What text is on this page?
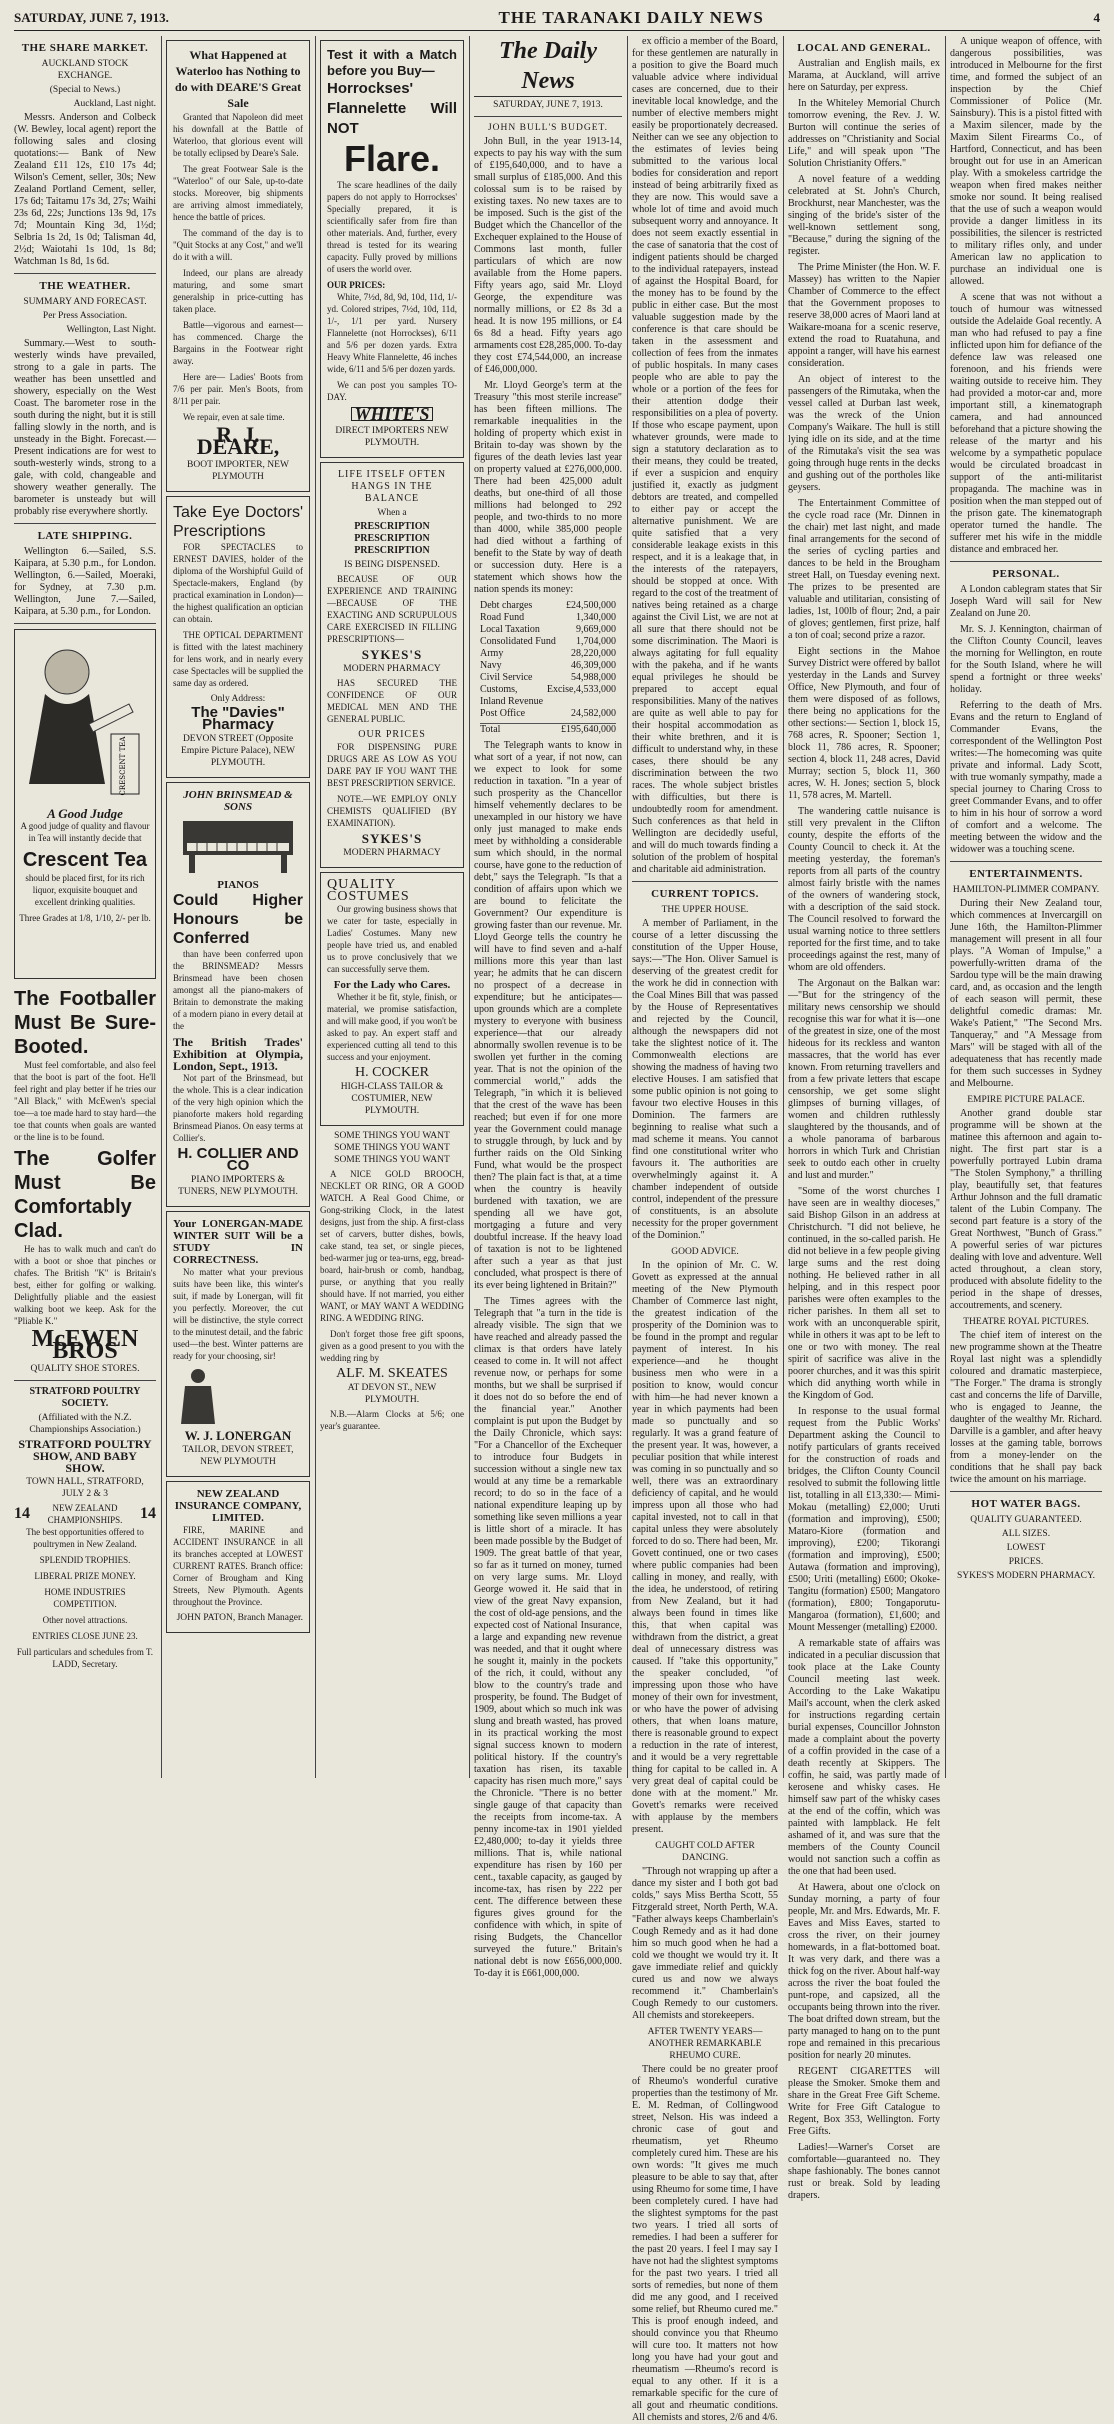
SATURDAY, JUNE 7, 1913.	THE TARANAKI DAILY NEWS	4
THE SHARE MARKET.
AUCKLAND STOCK EXCHANGE.
(Special to News.)
Auckland, Last night.

Messrs. Anderson and Colbeck (W. Bewley, local agent) report the following sales and closing quotations:— Bank of New Zealand £11 12s, £10 17s 4d; Wilson's Cement, seller, 30s; New Zealand Portland Cement, seller, 17s 6d; Taitamu 17s 3d, 27s; Waihi 23s 6d, 22s; Junctions 13s 9d, 17s 7d; Mountain King 3d, 1½d; Selbria 1s 2d, 1s 0d; Talisman 4d, 2½d; Waiotahi 1s 10d, 1s 8d; Watchman 1s 8d, 1s 6d.

THE WEATHER.
SUMMARY AND FORECAST.
Per Press Association.
Wellington, Last Night.

Summary.—West to south-westerly winds have prevailed, strong to a gale in parts. The weather has been unsettled and showery, especially on the West Coast. The barometer rose in the south during the night, but it is still falling slowly in the north, and is unsteady in the Bight. Forecast.—Present indications are for west to south-westerly winds, strong to a gale, with cold, changeable and showery weather generally. The barometer is unsteady but will probably rise everywhere shortly.

LATE SHIPPING.

Wellington 6.—Sailed, S.S. Kaipara, at 5.30 p.m., for London. Wellington, 6.—Sailed, Moeraki, for Sydney, at 7.30 p.m. Wellington, June 7.—Sailed, Kaipara, at 5.30 p.m., for London.

CRESCENT TEA
A Good Judge

A good judge of quality and flavour in Tea will instantly decide that

Crescent Tea

should be placed first, for its rich liquor, exquisite bouquet and excellent drinking qualities.

Three Grades at 1/8, 1/10, 2/- per lb.

The Footballer Must Be Sure-Booted.

Must feel comfortable, and also feel that the boot is part of the foot. He'll feel right and play better if he tries our "All Black," with McEwen's special toe—a toe made hard to stay hard—the toe that counts when goals are wanted or the line is to be found.

The Golfer Must Be Comfortably Clad.

He has to walk much and can't do with a boot or shoe that pinches or chafes. The British "K" is Britain's best, either for golfing or walking. Delightfully pliable and the easiest walking boot we keep. Ask for the "Pliable K."

McEWEN BROS
QUALITY SHOE STORES.
STRATFORD POULTRY SOCIETY.
(Affiliated with the N.Z. Championships Association.)
STRATFORD POULTRY SHOW, AND BABY SHOW.
TOWN HALL, STRATFORD, JULY 2 & 3
14	NEW ZEALAND CHAMPIONSHIPS.	14

The best opportunities offered to poultrymen in New Zealand.

SPLENDID TROPHIES.

LIBERAL PRIZE MONEY.

HOME INDUSTRIES COMPETITION.

Other novel attractions.

ENTRIES CLOSE JUNE 23.

Full particulars and schedules from T. LADD, Secretary.

What Happened at Waterloo has Nothing to do with DEARE'S Great Sale

Granted that Napoleon did meet his downfall at the Battle of Waterloo, that glorious event will be totally eclipsed by Deare's Sale.

The great Footwear Sale is the "Waterloo" of our Sale, up-to-date stocks. Moreover, big shipments are arriving almost immediately, hence the battle of prices.

The command of the day is to "Quit Stocks at any Cost," and we'll do it with a will.

Indeed, our plans are already maturing, and some smart generalship in price-cutting has taken place.

Battle—vigorous and earnest—has commenced. Charge the Bargains in the Footwear right away.

Here are— Ladies' Boots from 7/6 per pair. Men's Boots, from 8/11 per pair.

We repair, even at sale time.

R. J. DEARE,
BOOT IMPORTER, NEW PLYMOUTH
Take Eye Doctors' Prescriptions

FOR SPECTACLES to ERNEST DAVIES, holder of the diploma of the Worshipful Guild of Spectacle-makers, England (by practical examination in London)—the highest qualification an optician can obtain.

THE OPTICAL DEPARTMENT is fitted with the latest machinery for lens work, and in nearly every case Spectacles will be supplied the same day as ordered.

Only Address:
The "Davies" Pharmacy
DEVON STREET (Opposite Empire Picture Palace), NEW PLYMOUTH.
JOHN BRINSMEAD & SONS
PIANOS
Could Higher Honours be Conferred

than have been conferred upon the BRINSMEAD? Messrs Brinsmead have been chosen amongst all the piano-makers of Britain to demonstrate the making of a modern piano in every detail at the

The British Trades' Exhibition at Olympia, London, Sept., 1913.

Not part of the Brinsmead, but the whole. This is a clear indication of the very high opinion which the pianoforte makers hold regarding Brinsmead Pianos. On easy terms at Collier's.

H. COLLIER AND CO
PIANO IMPORTERS & TUNERS, NEW PLYMOUTH.
Your LONERGAN-MADE WINTER SUIT Will be a STUDY IN CORRECTNESS.

No matter what your previous suits have been like, this winter's suit, if made by Lonergan, will fit you perfectly. Moreover, the cut will be distinctive, the style correct to the minutest detail, and the fabric used—the best. Winter patterns are ready for your choosing, sir!

W. J. LONERGAN
TAILOR, DEVON STREET, NEW PLYMOUTH
NEW ZEALAND INSURANCE COMPANY, LIMITED.

FIRE, MARINE and ACCIDENT INSURANCE in all its branches accepted at LOWEST CURRENT RATES. Branch office: Corner of Brougham and King Streets, New Plymouth. Agents throughout the Province.

JOHN PATON, Branch Manager.
Test it with a Match before you Buy—
Horrockses' Flannelette Will NOT
Flare.

The scare headlines of the daily papers do not apply to Horrockses' Specially prepared, it is scientifically safer from fire than other materials. And, further, every thread is tested for its wearing capacity. Fully proved by millions of users the world over.

OUR PRICES:

White, 7½d, 8d, 9d, 10d, 11d, 1/- yd. Colored stripes, 7½d, 10d, 11d, 1/-, 1/1 per yard. Nursery Flannelette (not Horrockses), 6/11 and 5/6 per dozen yards. Extra Heavy White Flannelette, 46 inches wide, 6/11 and 5/6 per dozen yards.

We can post you samples TO-DAY.

WHITE'S
DIRECT IMPORTERS NEW PLYMOUTH.
LIFE ITSELF OFTEN HANGS IN THE BALANCE
When a
PRESCRIPTION
PRESCRIPTION
PRESCRIPTION
IS BEING DISPENSED.

BECAUSE OF OUR EXPERIENCE AND TRAINING—BECAUSE OF THE EXACTING AND SCRUPULOUS CARE EXERCISED IN FILLING PRESCRIPTIONS—

SYKES'S
MODERN PHARMACY

HAS SECURED THE CONFIDENCE OF OUR MEDICAL MEN AND THE GENERAL PUBLIC.

OUR PRICES

FOR DISPENSING PURE DRUGS ARE AS LOW AS YOU DARE PAY IF YOU WANT THE BEST PRESCRIPTION SERVICE.

NOTE.—WE EMPLOY ONLY CHEMISTS QUALIFIED (BY EXAMINATION).

SYKES'S
MODERN PHARMACY
QUALITY COSTUMES

Our growing business shows that we cater for taste, especially in Ladies' Costumes. Many new people have tried us, and enabled us to prove conclusively that we can successfully serve them.

For the Lady who Cares.

Whether it be fit, style, finish, or material, we promise satisfaction, and will make good, if you won't be asked to pay. An expert staff and experienced cutting all tend to this success and your enjoyment.

H. COCKER
HIGH-CLASS TAILOR & COSTUMIER, NEW PLYMOUTH.
SOME THINGS YOU WANT SOME THINGS YOU WANT SOME THINGS YOU WANT

A NICE GOLD BROOCH, NECKLET OR RING, OR A GOOD WATCH. A Real Good Chime, or Gong-striking Clock, in the latest designs, just from the ship. A first-class set of carvers, butter dishes, bowls, cake stand, tea set, or single pieces, bed-warmer jug or tea-urns, egg, bread-board, hair-brush or comb, handbag, purse, or anything that you really should have. If not married, you either WANT, or MAY WANT A WEDDING RING. A WEDDING RING.

Don't forget those free gift spoons, given as a good present to you with the wedding ring by

ALF. M. SKEATES
AT DEVON ST., NEW PLYMOUTH.

N.B.—Alarm Clocks at 5/6; one year's guarantee.

The Daily News
SATURDAY, JUNE 7, 1913.
JOHN BULL'S BUDGET.

John Bull, in the year 1913-14, expects to pay his way with the sum of £195,640,000, and to have a small surplus of £185,000. And this colossal sum is to be raised by existing taxes. No new taxes are to be imposed. Such is the gist of the Budget which the Chancellor of the Exchequer explained to the House of Commons last month, fuller particulars of which are now available from the Home papers. Fifty years ago, said Mr. Lloyd George, the expenditure was normally millions, or £2 8s 3d a head. It is now 195 millions, or £4 6s 8d a head. Fifty years ago armaments cost £28,285,000. To-day they cost £74,544,000, an increase of £46,000,000.

Mr. Lloyd George's term at the Treasury "this most sterile increase" has been fifteen millions. The remarkable inequalities in the holding of property which exist in Britain to-day was shown by the figures of the death levies last year on property valued at £276,000,000. There had been 425,000 adult deaths, but one-third of all those millions had belonged to 292 people, and two-thirds to no more than 4000, while 385,000 people had died without a farthing of benefit to the State by way of death or succession duty. Here is a statement which shows how the nation spends its money:

Debt charges	£24,500,000
Road Fund	1,340,000
Local Taxation	9,669,000
Consolidated Fund 1,704,000
Army	28,220,000
Navy	46,309,000
Civil Service	54,988,000
Customs, Excise, Inland Revenue
4,533,000
Post Office	24,582,000
Total	£195,640,000

The Telegraph wants to know in what sort of a year, if not now, can we expect to look for some reduction in taxation. "In a year of such prosperity as the Chancellor himself vehemently declares to be unexampled in our history we have only just managed to make ends meet by withholding a considerable sum which should, in the normal course, have gone to the reduction of debt," says the Telegraph. "Is that a condition of affairs upon which we are bound to felicitate the Government? Our expenditure is growing faster than our revenue. Mr. Lloyd George tells the country he will have to find seven and a-half millions more this year than last year; he admits that he can discern no prospect of a decrease in expenditure; but he anticipates—upon grounds which are a complete mystery to everyone with business experience—that our already abnormally swollen revenue is to be swollen yet further in the coming year. That is not the opinion of the commercial world," adds the Telegraph, "in which it is believed that the crest of the wave has been reached; but even if for one more year the Government could manage to struggle through, by luck and by further raids on the Old Sinking Fund, what would be the prospect then? The plain fact is that, at a time when the country is heavily burdened with taxation, we are spending all we have got, mortgaging a future and very doubtful increase. If the heavy load of taxation is not to be lightened after such a year as that just concluded, what prospect is there of its ever being lightened in Britain?"

The Times agrees with the Telegraph that "a turn in the tide is already visible. The sign that we have reached and already passed the climax is that orders have lately ceased to come in. It will not affect revenue now, or perhaps for some months, but we shall be surprised if it does not do so before the end of the financial year." Another complaint is put upon the Budget by the Daily Chronicle, which says: "For a Chancellor of the Exchequer to introduce four Budgets in succession without a single new tax would at any time be a remarkable record; to do so in the face of a national expenditure leaping up by something like seven millions a year is little short of a miracle. It has been made possible by the Budget of 1909. The great battle of that year, so far as it turned on money, turned on very large sums. Mr. Lloyd George wowed it. He said that in view of the great Navy expansion, the cost of old-age pensions, and the expected cost of National Insurance, a large and expanding new revenue was needed, and that it ought where he sought it, mainly in the pockets of the rich, it could, without any blow to the country's trade and prosperity, be found. The Budget of 1909, about which so much ink was slung and breath wasted, has proved in its practical working the most signal success known to modern political history. If the country's taxation has risen, its taxable capacity has risen much more," says the Chronicle. "There is no better single gauge of that capacity than the receipts from income-tax. A penny income-tax in 1901 yielded £2,480,000; to-day it yields three millions. That is, while national expenditure has risen by 160 per cent., taxable capacity, as gauged by income-tax, has risen by 222 per cent. The difference between these figures gives ground for the confidence with which, in spite of rising Budgets, the Chancellor surveyed the future." Britain's national debt is now £656,000,000. To-day it is £661,000,000.

ex officio a member of the Board, for these gentlemen are naturally in a position to give the Board much valuable advice where individual cases are concerned, due to their inevitable local knowledge, and the number of elective members might easily be proportionately decreased. Neither can we see any objection to the estimates of levies being submitted to the various local bodies for consideration and report instead of being arbitrarily fixed as they are now. This would save a whole lot of time and avoid much subsequent worry and annoyance. It does not seem exactly essential in the case of sanatoria that the cost of indigent patients should be charged to the individual ratepayers, instead of against the Hospital Board, for the money has to be found by the public in either case. But the most valuable suggestion made by the conference is that care should be taken in the assessment and collection of fees from the inmates of public hospitals. In many cases people who are able to pay the whole or a portion of the fees for their attention dodge their responsibilities on a plea of poverty. If those who escape payment, upon whatever grounds, were made to sign a statutory declaration as to their means, they could be treated, if ever a suspicion and enquiry justified it, exactly as judgment debtors are treated, and compelled to either pay or accept the alternative punishment. We are quite satisfied that a very considerable leakage exists in this respect, and it is a leakage that, in the interests of the ratepayers, should be stopped at once. With regard to the cost of the treatment of natives being retained as a charge against the Civil List, we are not at all sure that there should not be some discrimination. The Maori is always agitating for full equality with the pakeha, and if he wants equal privileges he should be prepared to accept equal responsibilities. Many of the natives are quite as well able to pay for their hospital accommodation as their white brethren, and it is difficult to understand why, in these cases, there should be any discrimination between the two races. The whole subject bristles with difficulties, but there is undoubtedly room for amendment. Such conferences as that held in Wellington are decidedly useful, and will do much towards finding a solution of the problem of hospital and charitable aid administration.

CURRENT TOPICS.
THE UPPER HOUSE.

A member of Parliament, in the course of a letter discussing the constitution of the Upper House, says:—"The Hon. Oliver Samuel is deserving of the greatest credit for the work he did in connection with the Coal Mines Bill that was passed by the House of Representatives and rejected by the Council, although the newspapers did not take the slightest notice of it. The Commonwealth elections are showing the madness of having two elective Houses. I am satisfied that some public opinion is not going to favour two elective Houses in this Dominion. The farmers are beginning to realise what such a mad scheme it means. You cannot find one constitutional writer who favours it. The authorities are overwhelmingly against it. A chamber independent of outside control, independent of the pressure of constituents, is an absolute necessity for the proper government of the Dominion."

GOOD ADVICE.

In the opinion of Mr. C. W. Govett as expressed at the annual meeting of the New Plymouth Chamber of Commerce last night, the greatest indication of the prosperity of the Dominion was to be found in the prompt and regular payment of interest. In his experience—and he thought business men who were in a position to know, would concur with him—he had never known a year in which payments had been made so punctually and so regularly. It was a grand feature of the present year. It was, however, a peculiar position that while interest was coming in so punctually and so well, there was an extraordinary deficiency of capital, and he would impress upon all those who had capital invested, not to call in that capital unless they were absolutely forced to do so. There had been, Mr. Govett continued, one or two cases where public companies had been calling in money, and really, with the idea, he understood, of retiring from New Zealand, but it had always been found in times like this, that when capital was withdrawn from the district, a great deal of unnecessary distress was caused. If "take this opportunity," the speaker concluded, "of impressing upon those who have money of their own for investment, or who have the power of advising others, that when loans mature, there is reasonable ground to expect a reduction in the rate of interest, and it would be a very regrettable thing for capital to be called in. A very great deal of capital could be done with at the moment." Mr. Govett's remarks were received with applause by the members present.

CAUGHT COLD AFTER DANCING.

"Through not wrapping up after a dance my sister and I both got bad colds," says Miss Bertha Scott, 55 Fitzgerald street, North Perth, W.A. "Father always keeps Chamberlain's Cough Remedy and as it had done him so much good when he had a cold we thought we would try it. It gave immediate relief and quickly cured us and now we always recommend it." Chamberlain's Cough Remedy to our customers. All chemists and storekeepers.

AFTER TWENTY YEARS—ANOTHER REMARKABLE RHEUMO CURE.

There could be no greater proof of Rheumo's wonderful curative properties than the testimony of Mr. E. M. Redman, of Collingwood street, Nelson. His was indeed a chronic case of gout and rheumatism, yet Rheumo completely cured him. These are his own words: "It gives me much pleasure to be able to say that, after using Rheumo for some time, I have been completely cured. I have had the slightest symptoms for the past two years. I tried all sorts of remedies. I had been a sufferer for the past 20 years. I feel I may say I have not had the slightest symptoms for the past two years. I tried all sorts of remedies, but none of them did me any good, and I received some relief, but Rheumo cured me." This is proof enough indeed, and should convince you that Rheumo will cure too. It matters not how long you have had your gout and rheumatism —Rheumo's record is equal to any other. If it is a remarkable specific for the cure of all gout and rheumatic conditions. All chemists and stores, 2/6 and 4/6.

LOCAL AND GENERAL.

Australian and English mails, ex Marama, at Auckland, will arrive here on Saturday, per express.

In the Whiteley Memorial Church tomorrow evening, the Rev. J. W. Burton will continue the series of addresses on "Christianity and Social Life," and will speak upon "The Solution Christianity Offers."

A novel feature of a wedding celebrated at St. John's Church, Brockhurst, near Manchester, was the singing of the bride's sister of the well-known settlement song, "Because," during the signing of the register.

The Prime Minister (the Hon. W. F. Massey) has written to the Napier Chamber of Commerce to the effect that the Government proposes to reserve 38,000 acres of Maori land at Waikare-moana for a scenic reserve, extend the road to Ruatahuna, and appoint a ranger, will have his earnest consideration.

An object of interest to the passengers of the Rimutaka, when the vessel called at Durban last week, was the wreck of the Union Company's Waikare. The hull is still lying idle on its side, and at the time of the Rimutaka's visit the sea was going through huge rents in the decks and gushing out of the portholes like geysers.

The Entertainment Committee of the cycle road race (Mr. Dinnen in the chair) met last night, and made final arrangements for the second of the series of cycling parties and dances to be held in the Brougham street Hall, on Tuesday evening next. The prizes to be presented are valuable and utilitarian, consisting of ladies, 1st, 100lb of flour; 2nd, a pair of gloves; gentlemen, first prize, half a ton of coal; second prize a razor.

Eight sections in the Mahoe Survey District were offered by ballot yesterday in the Lands and Survey Office, New Plymouth, and four of them were disposed of as follows, there being no applications for the other sections:— Section 1, block 15, 768 acres, R. Spooner; Section 1, block 11, 786 acres, R. Spooner; section 4, block 11, 248 acres, David Murray; section 5, block 11, 360 acres, W. H. Jones; section 5, block 11, 578 acres, M. Martell.

The wandering cattle nuisance is still very prevalent in the Clifton county, despite the efforts of the County Council to check it. At the meeting yesterday, the foreman's reports from all parts of the country almost fairly bristle with the names of the owners of wandering stock, with a description of the said stock. The Council resolved to forward the usual warning notice to three settlers reported for the first time, and to take proceedings against the rest, many of whom are old offenders.

The Argonaut on the Balkan war:—"But for the stringency of the military news censorship we should recognise this war for what it is—one of the greatest in size, one of the most hideous for its reckless and wanton massacres, that the world has ever known. From returning travellers and from a few private letters that escape censorship, we get some slight glimpses of burning villages, of women and children ruthlessly slaughtered by the thousands, and of a whole panorama of barbarous horrors in which Turk and Christian seek to outdo each other in cruelty and lust and murder."

"Some of the worst churches I have seen are in wealthy dioceses," said Bishop Gilson in an address at Christchurch. "I did not believe, he continued, in the so-called parish. He did not believe in a few people giving large sums and the rest doing nothing. He believed rather in all helping, and in this respect poor parishes were often examples to the richer parishes. In them all set to work with an unconquerable spirit, while in others it was apt to be left to one or two with money. The real spirit of sacrifice was alive in the poorer churches, and it was this spirit which did anything worth while in the Kingdom of God.

In response to the usual formal request from the Public Works' Department asking the Council to notify particulars of grants received for the construction of roads and bridges, the Clifton County Council resolved to submit the following little list, totalling in all £13,330:— Mimi-Mokau (metalling) £2,000; Uruti (formation and improving), £500; Mataro-Kiore (formation and improving), £200; Tikorangi (formation and improving), £500; Autawa (formation and improving), £500; Uriti (metalling) £600; Okoke-Tangitu (formation) £500; Mangatoro (formation), £800; Tongaporutu-Mangaroa (formation), £1,600; and Mount Messenger (metalling) £2000.

A remarkable state of affairs was indicated in a peculiar discussion that took place at the Lake County Council meeting last week. According to the Lake Wakatipu Mail's account, when the clerk asked for instructions regarding certain burial expenses, Councillor Johnston made a complaint about the poverty of a coffin provided in the case of a death recently at Skippers. The coffin, he said, was partly made of kerosene and whisky cases. He himself saw part of the whisky cases at the end of the coffin, which was painted with lampblack. He felt ashamed of it, and was sure that the members of the County Council would not sanction such a coffin as the one that had been used.

At Hawera, about one o'clock on Sunday morning, a party of four people, Mr. and Mrs. Edwards, Mr. F. Eaves and Miss Eaves, started to cross the river, on their journey homewards, in a flat-bottomed boat. It was very dark, and there was a thick fog on the river. About half-way across the river the boat fouled the punt-rope, and capsized, all the occupants being thrown into the river. The boat drifted down stream, but the party managed to hang on to the punt rope and remained in this precarious position for nearly 20 minutes.

REGENT CIGARETTES will please the Smoker. Smoke them and share in the Great Free Gift Scheme. Write for Free Gift Catalogue to Regent, Box 353, Wellington. Forty Free Gifts.

Ladies!—Warner's Corset are comfortable—guaranteed no. They shape fashionably. The bones cannot rust or break. Sold by leading drapers.

A unique weapon of offence, with dangerous possibilities, was introduced in Melbourne for the first time, and formed the subject of an inspection by the Chief Commissioner of Police (Mr. Sainsbury). This is a pistol fitted with a Maxim silencer, made by the Maxim Silent Firearms Co., of Hartford, Connecticut, and has been brought out for use in an American play. With a smokeless cartridge the weapon when fired makes neither smoke nor sound. It being realised that the use of such a weapon would provide a danger limitless in its possibilities, the silencer is restricted to military rifles only, and under American law no application to purchase an individual one is allowed.

A scene that was not without a touch of humour was witnessed outside the Adelaide Goal recently. A man who had refused to pay a fine inflicted upon him for defiance of the defence law was released one forenoon, and his friends were waiting outside to receive him. They had provided a motor-car and, more important still, a kinematograph camera, and had announced beforehand that a picture showing the release of the martyr and his welcome by a sympathetic populace would be circulated broadcast in support of the anti-militarist propaganda. The machine was in position when the man stepped out of the prison gate. The kinematograph operator turned the handle. The sufferer met his wife in the middle distance and embraced her.

PERSONAL.

A London cablegram states that Sir Joseph Ward will sail for New Zealand on June 20.

Mr. S. J. Kennington, chairman of the Clifton County Council, leaves the morning for Wellington, en route for the South Island, where he will spend a fortnight or three weeks' holiday.

Referring to the death of Mrs. Evans and the return to England of Commander Evans, the correspondent of the Wellington Post writes:—The homecoming was quite private and informal. Lady Scott, with true womanly sympathy, made a special journey to Charing Cross to greet Commander Evans, and to offer to him in his hour of sorrow a word of comfort and a welcome. The meeting between the widow and the widower was a touching scene.

ENTERTAINMENTS.
HAMILTON-PLIMMER COMPANY.

During their New Zealand tour, which commences at Invercargill on June 16th, the Hamilton-Plimmer management will present in all four plays. "A Woman of Impulse," a powerfully-written drama of the Sardou type will be the main drawing card, and, as occasion and the length of each season will permit, these delightful comedic dramas: Mr. Wake's Patient," "The Second Mrs. Tanqueray," and "A Message from Mars" will be staged with all of the adequateness that has recently made for them such successes in Sydney and Melbourne.

EMPIRE PICTURE PALACE.

Another grand double star programme will be shown at the matinee this afternoon and again to-night. The first part star is a powerfully portrayed Lubin drama "The Stolen Symphony," a thrilling play, beautifully set, that features Arthur Johnson and the full dramatic talent of the Lubin Company. The second part feature is a story of the Great Northwest, "Bunch of Grass." A powerful series of war pictures dealing with love and adventure. Well acted throughout, a clean story, produced with absolute fidelity to the period in the shape of dresses, accoutrements, and scenery.

THEATRE ROYAL PICTURES.

The chief item of interest on the new programme shown at the Theatre Royal last night was a splendidly coloured and dramatic masterpiece, "The Forger." The drama is strongly cast and concerns the life of Darville, who is engaged to Jeanne, the daughter of the wealthy Mr. Richard. Darville is a gambler, and after heavy losses at the gaming table, borrows from a money-lender on the conditions that he shall pay back twice the amount on his marriage.

HOT WATER BAGS.
QUALITY GUARANTEED.
ALL SIZES.
LOWEST
PRICES.
SYKES'S MODERN PHARMACY.
